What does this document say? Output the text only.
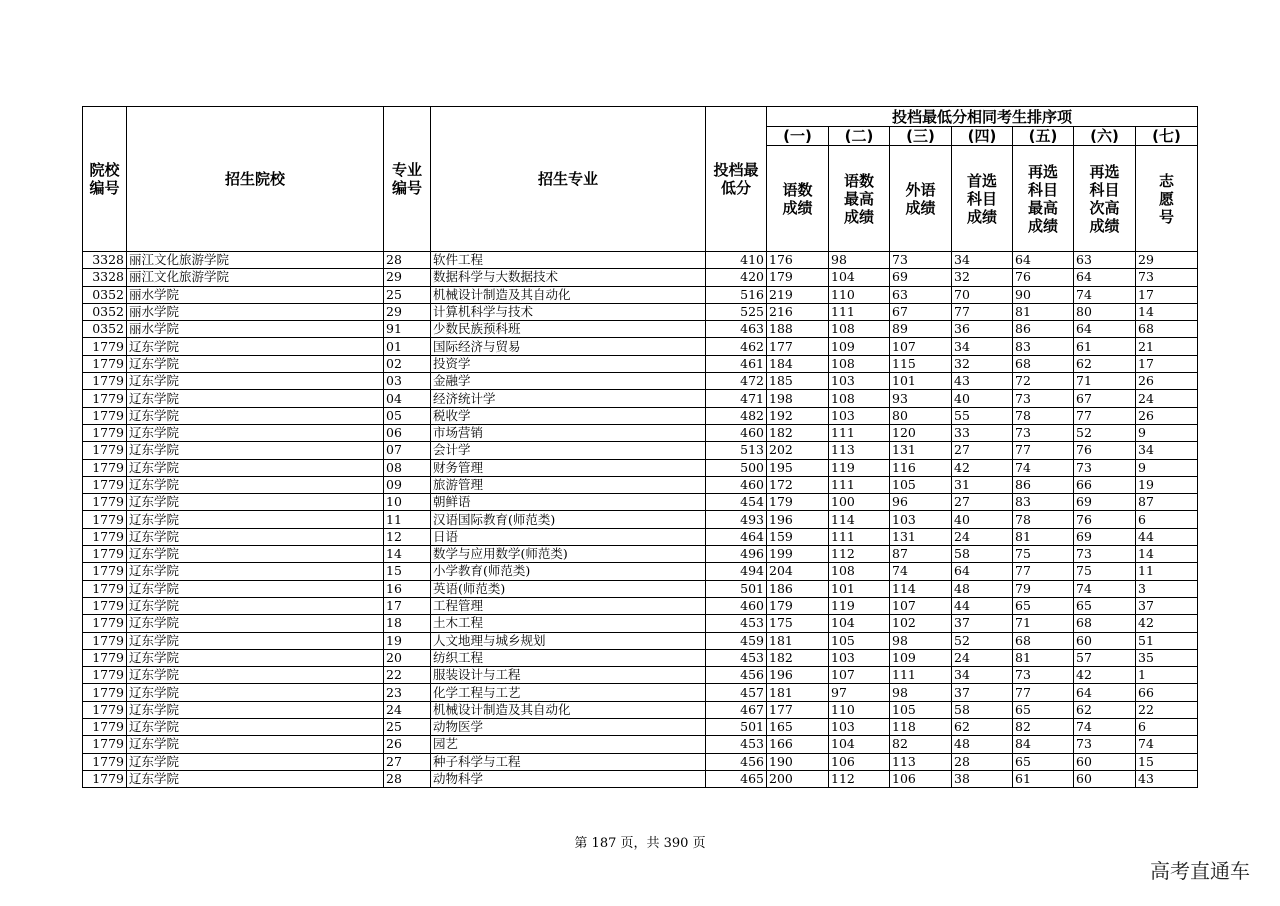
院校编号	招生院校	专业编号	招生专业	投档最低分	投档最低分相同考生排序项						
					(一)	(二)	(三)	(四)	(五)	(六)	(七)
					语数成绩	语数最高成绩	外语成绩	首选科目成绩	再选科目最高成绩	再选科目次高成绩	志愿号
3328	丽江文化旅游学院	28	软件工程	410	176	98	73	34	64	63	29
3328	丽江文化旅游学院	29	数据科学与大数据技术	420	179	104	69	32	76	64	73
0352	丽水学院	25	机械设计制造及其自动化	516	219	110	63	70	90	74	17
0352	丽水学院	29	计算机科学与技术	525	216	111	67	77	81	80	14
0352	丽水学院	91	少数民族预科班	463	188	108	89	36	86	64	68
1779	辽东学院	01	国际经济与贸易	462	177	109	107	34	83	61	21
1779	辽东学院	02	投资学	461	184	108	115	32	68	62	17
1779	辽东学院	03	金融学	472	185	103	101	43	72	71	26
1779	辽东学院	04	经济统计学	471	198	108	93	40	73	67	24
1779	辽东学院	05	税收学	482	192	103	80	55	78	77	26
1779	辽东学院	06	市场营销	460	182	111	120	33	73	52	9
1779	辽东学院	07	会计学	513	202	113	131	27	77	76	34
1779	辽东学院	08	财务管理	500	195	119	116	42	74	73	9
1779	辽东学院	09	旅游管理	460	172	111	105	31	86	66	19
1779	辽东学院	10	朝鲜语	454	179	100	96	27	83	69	87
1779	辽东学院	11	汉语国际教育(师范类)	493	196	114	103	40	78	76	6
1779	辽东学院	12	日语	464	159	111	131	24	81	69	44
1779	辽东学院	14	数学与应用数学(师范类)	496	199	112	87	58	75	73	14
1779	辽东学院	15	小学教育(师范类)	494	204	108	74	64	77	75	11
1779	辽东学院	16	英语(师范类)	501	186	101	114	48	79	74	3
1779	辽东学院	17	工程管理	460	179	119	107	44	65	65	37
1779	辽东学院	18	土木工程	453	175	104	102	37	71	68	42
1779	辽东学院	19	人文地理与城乡规划	459	181	105	98	52	68	60	51
1779	辽东学院	20	纺织工程	453	182	103	109	24	81	57	35
1779	辽东学院	22	服装设计与工程	456	196	107	111	34	73	42	1
1779	辽东学院	23	化学工程与工艺	457	181	97	98	37	77	64	66
1779	辽东学院	24	机械设计制造及其自动化	467	177	110	105	58	65	62	22
1779	辽东学院	25	动物医学	501	165	103	118	62	82	74	6
1779	辽东学院	26	园艺	453	166	104	82	48	84	73	74
1779	辽东学院	27	种子科学与工程	456	190	106	113	28	65	60	15
1779	辽东学院	28	动物科学	465	200	112	106	38	61	60	43
第 187 页，共 390 页
高考直通车
